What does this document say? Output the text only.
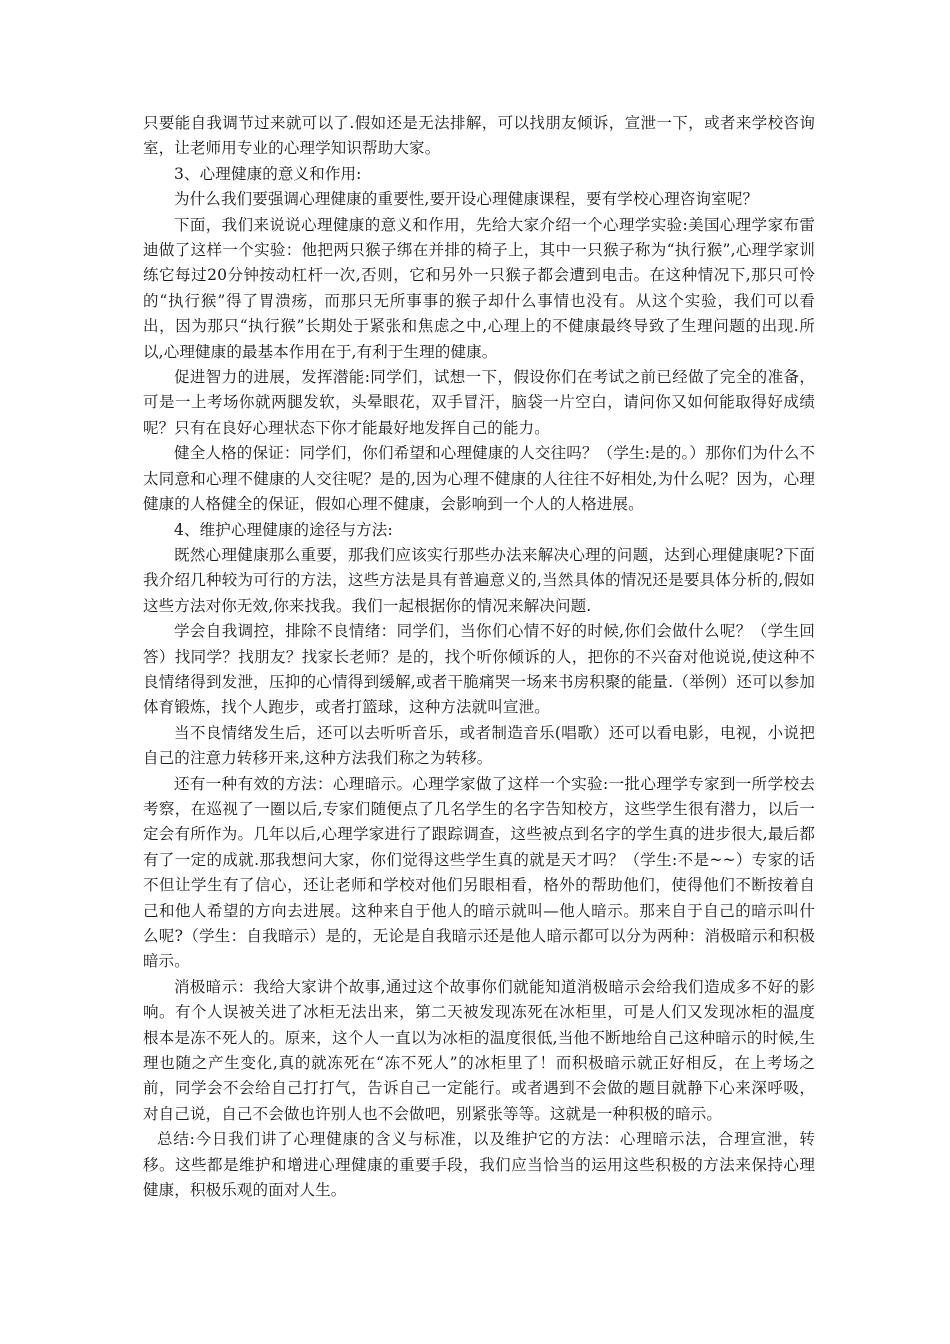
只要能自我调节过来就可以了.假如还是无法排解，可以找朋友倾诉，宣泄一下，或者来学校咨询室，让老师用专业的心理学知识帮助大家。

3、心理健康的意义和作用:

为什么我们要强调心理健康的重要性,要开设心理健康课程，要有学校心理咨询室呢？

下面，我们来说说心理健康的意义和作用，先给大家介绍一个心理学实验:美国心理学家布雷迪做了这样一个实验：他把两只猴子绑在并排的椅子上，其中一只猴子称为“执行猴”,心理学家训练它每过20分钟按动杠杆一次,否则，它和另外一只猴子都会遭到电击。在这种情况下,那只可怜的“执行猴”得了胃溃疡，而那只无所事事的猴子却什么事情也没有。从这个实验，我们可以看出，因为那只“执行猴”长期处于紧张和焦虑之中,心理上的不健康最终导致了生理问题的出现.所以,心理健康的最基本作用在于,有利于生理的健康。

促进智力的进展，发挥潜能:同学们，试想一下，假设你们在考试之前已经做了完全的准备，可是一上考场你就两腿发软，头晕眼花，双手冒汗，脑袋一片空白，请问你又如何能取得好成绩呢？只有在良好心理状态下你才能最好地发挥自己的能力。

健全人格的保证：同学们，你们希望和心理健康的人交往吗？（学生:是的。）那你们为什么不太同意和心理不健康的人交往呢？是的,因为心理不健康的人往往不好相处,为什么呢？因为，心理健康的人格健全的保证，假如心理不健康，会影响到一个人的人格进展。

4、维护心理健康的途径与方法:

既然心理健康那么重要，那我们应该实行那些办法来解决心理的问题，达到心理健康呢?下面我介绍几种较为可行的方法，这些方法是具有普遍意义的,当然具体的情况还是要具体分析的,假如这些方法对你无效,你来找我。我们一起根据你的情况来解决问题.

学会自我调控，排除不良情绪：同学们，当你们心情不好的时候,你们会做什么呢？（学生回答）找同学？找朋友？找家长老师？是的，找个听你倾诉的人，把你的不兴奋对他说说,使这种不良情绪得到发泄，压抑的心情得到缓解,或者干脆痛哭一场来书房积聚的能量.（举例）还可以参加体育锻炼，找个人跑步，或者打篮球，这种方法就叫宣泄。

当不良情绪发生后，还可以去听听音乐，或者制造音乐(唱歌）还可以看电影，电视，小说把自己的注意力转移开来,这种方法我们称之为转移。

还有一种有效的方法：心理暗示。心理学家做了这样一个实验:一批心理学专家到一所学校去考察，在巡视了一圈以后,专家们随便点了几名学生的名字告知校方，这些学生很有潜力，以后一定会有所作为。几年以后,心理学家进行了跟踪调查，这些被点到名字的学生真的进步很大,最后都有了一定的成就.那我想问大家，你们觉得这些学生真的就是天才吗？（学生:不是~~）专家的话不但让学生有了信心，还让老师和学校对他们另眼相看，格外的帮助他们，使得他们不断按着自己和他人希望的方向去进展。这种来自于他人的暗示就叫—他人暗示。那来自于自己的暗示叫什么呢?（学生：自我暗示）是的，无论是自我暗示还是他人暗示都可以分为两种：消极暗示和积极暗示。

消极暗示：我给大家讲个故事,通过这个故事你们就能知道消极暗示会给我们造成多不好的影响。有个人误被关进了冰柜无法出来，第二天被发现冻死在冰柜里，可是人们又发现冰柜的温度根本是冻不死人的。原来，这个人一直以为冰柜的温度很低,当他不断地给自己这种暗示的时候,生理也随之产生变化,真的就冻死在“冻不死人”的冰柜里了！而积极暗示就正好相反，在上考场之前，同学会不会给自己打打气，告诉自己一定能行。或者遇到不会做的题目就静下心来深呼吸，对自己说，自己不会做也许别人也不会做吧，别紧张等等。这就是一种积极的暗示。

总结:今日我们讲了心理健康的含义与标准，以及维护它的方法：心理暗示法，合理宣泄，转移。这些都是维护和增进心理健康的重要手段，我们应当恰当的运用这些积极的方法来保持心理健康，积极乐观的面对人生。
